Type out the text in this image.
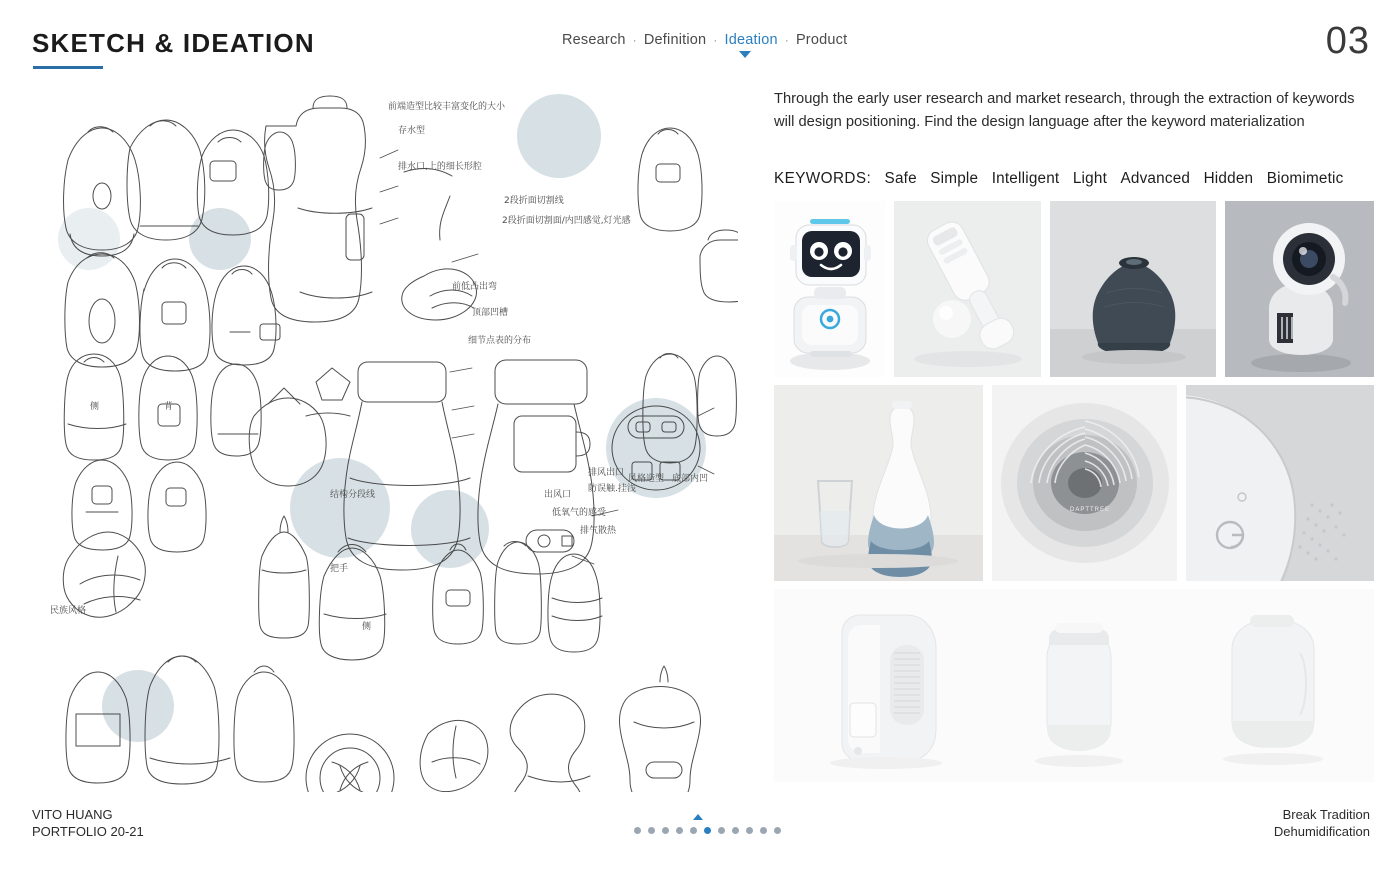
SKETCH & IDEATION	Research · Definition · Ideation · Product	03
前端造型比较丰富变化的大小
存水型
排水口,上的细长形腔
2段折面切割线
2段折面切割面/内凹感觉,灯光感
前低凸出弯
顶部凹槽
细节点表的分布
侧	背
风格造型
排风出口
防误触.挂浅
出风口
底部内凹
排气散热
结构分段线
把手
侧
民族风格
低氧气的感受
Through the early user research and market research, through the extraction of keywords will design positioning. Find the design language after the keyword materialization
KEYWORDS: Safe Simple Intelligent Light Advanced Hidden Biomimetic
DAPTTREE
VITO HUANG
PORTFOLIO 20-21
Break Tradition
Dehumidification
